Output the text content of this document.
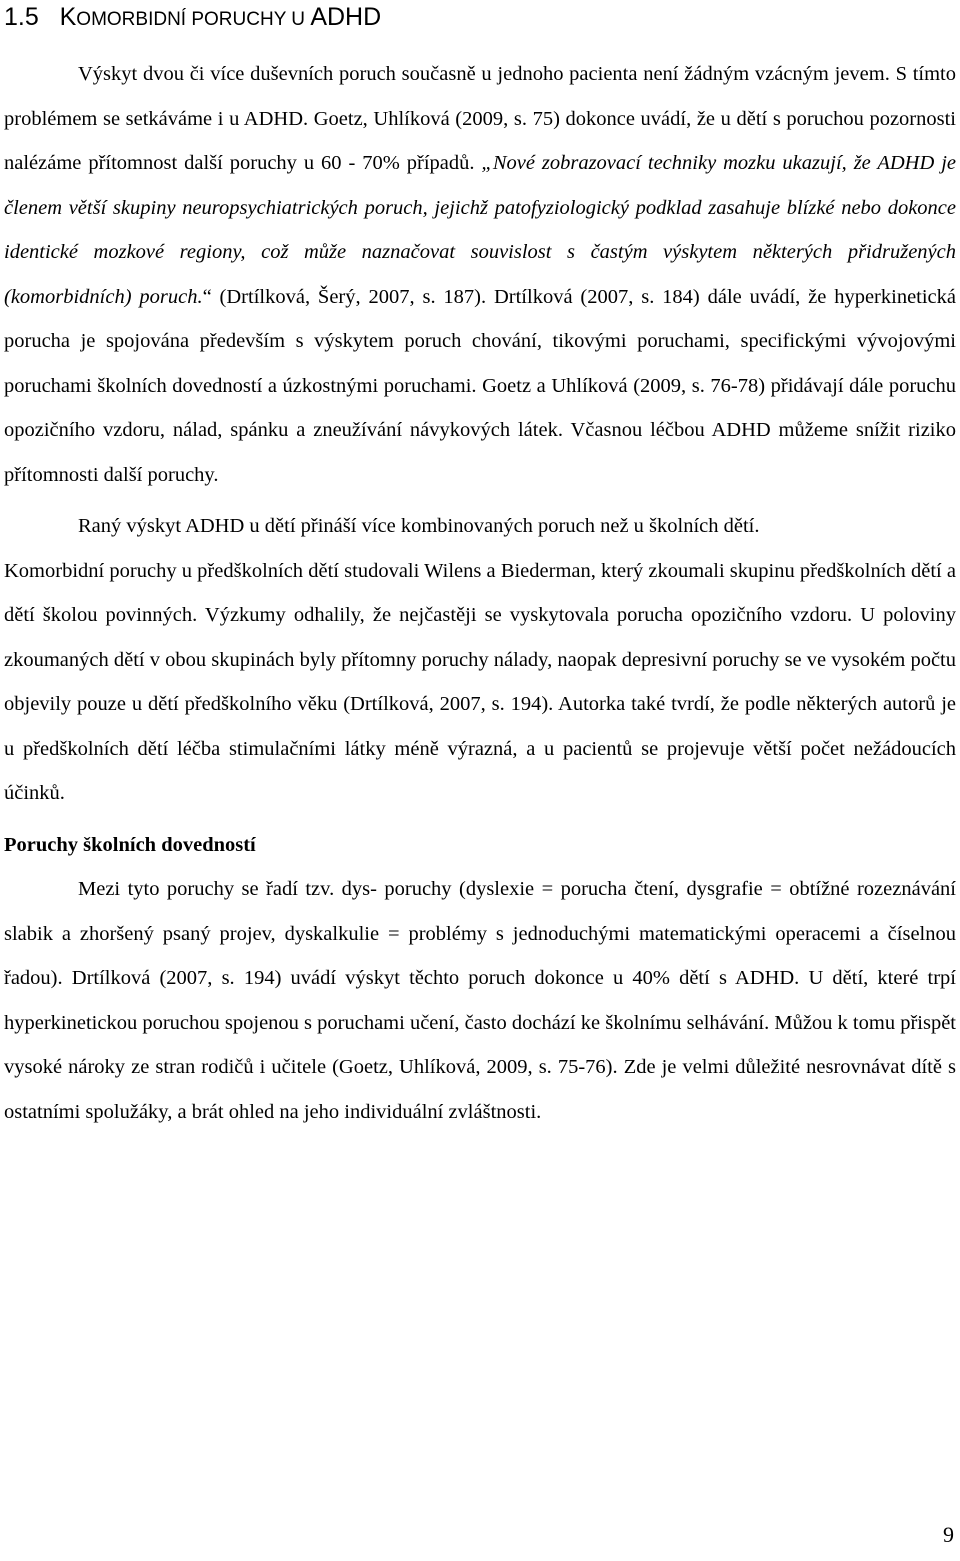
1.5 KOMORBIDNÍ PORUCHY U ADHD

Výskyt dvou či více duševních poruch současně u jednoho pacienta není žádným vzácným jevem. S tímto problémem se setkáváme i u ADHD. Goetz, Uhlíková (2009, s. 75) dokonce uvádí, že u dětí s poruchou pozornosti nalézáme přítomnost další poruchy u 60 - 70% případů. „Nové zobrazovací techniky mozku ukazují, že ADHD je členem větší skupiny neuropsychiatrických poruch, jejichž patofyziologický podklad zasahuje blízké nebo dokonce identické mozkové regiony, což může naznačovat souvislost s častým výskytem některých přidružených (komorbidních) poruch.“ (Drtílková, Šerý, 2007, s. 187). Drtílková (2007, s. 184) dále uvádí, že hyperkinetická porucha je spojována především s výskytem poruch chování, tikovými poruchami, specifickými vývojovými poruchami školních dovedností a úzkostnými poruchami. Goetz a Uhlíková (2009, s. 76-78) přidávají dále poruchu opozičního vzdoru, nálad, spánku a zneužívání návykových látek. Včasnou léčbou ADHD můžeme snížit riziko přítomnosti další poruchy.

Raný výskyt ADHD u dětí přináší více kombinovaných poruch než u školních dětí.

Komorbidní poruchy u předškolních dětí studovali Wilens a Biederman, který zkoumali skupinu předškolních dětí a dětí školou povinných. Výzkumy odhalily, že nejčastěji se vyskytovala porucha opozičního vzdoru. U poloviny zkoumaných dětí v obou skupinách byly přítomny poruchy nálady, naopak depresivní poruchy se ve vysokém počtu objevily pouze u dětí předškolního věku (Drtílková, 2007, s. 194). Autorka také tvrdí, že podle některých autorů je u předškolních dětí léčba stimulačními látky méně výrazná, a u pacientů se projevuje větší počet nežádoucích účinků.

Poruchy školních dovedností

Mezi tyto poruchy se řadí tzv. dys- poruchy (dyslexie = porucha čtení, dysgrafie = obtížné rozeznávání slabik a zhoršený psaný projev, dyskalkulie = problémy s jednoduchými matematickými operacemi a číselnou řadou). Drtílková (2007, s. 194) uvádí výskyt těchto poruch dokonce u 40% dětí s ADHD. U dětí, které trpí hyperkinetickou poruchou spojenou s poruchami učení, často dochází ke školnímu selhávání. Můžou k tomu přispět vysoké nároky ze stran rodičů i učitele (Goetz, Uhlíková, 2009, s. 75-76). Zde je velmi důležité nesrovnávat dítě s ostatními spolužáky, a brát ohled na jeho individuální zvláštnosti.

9
